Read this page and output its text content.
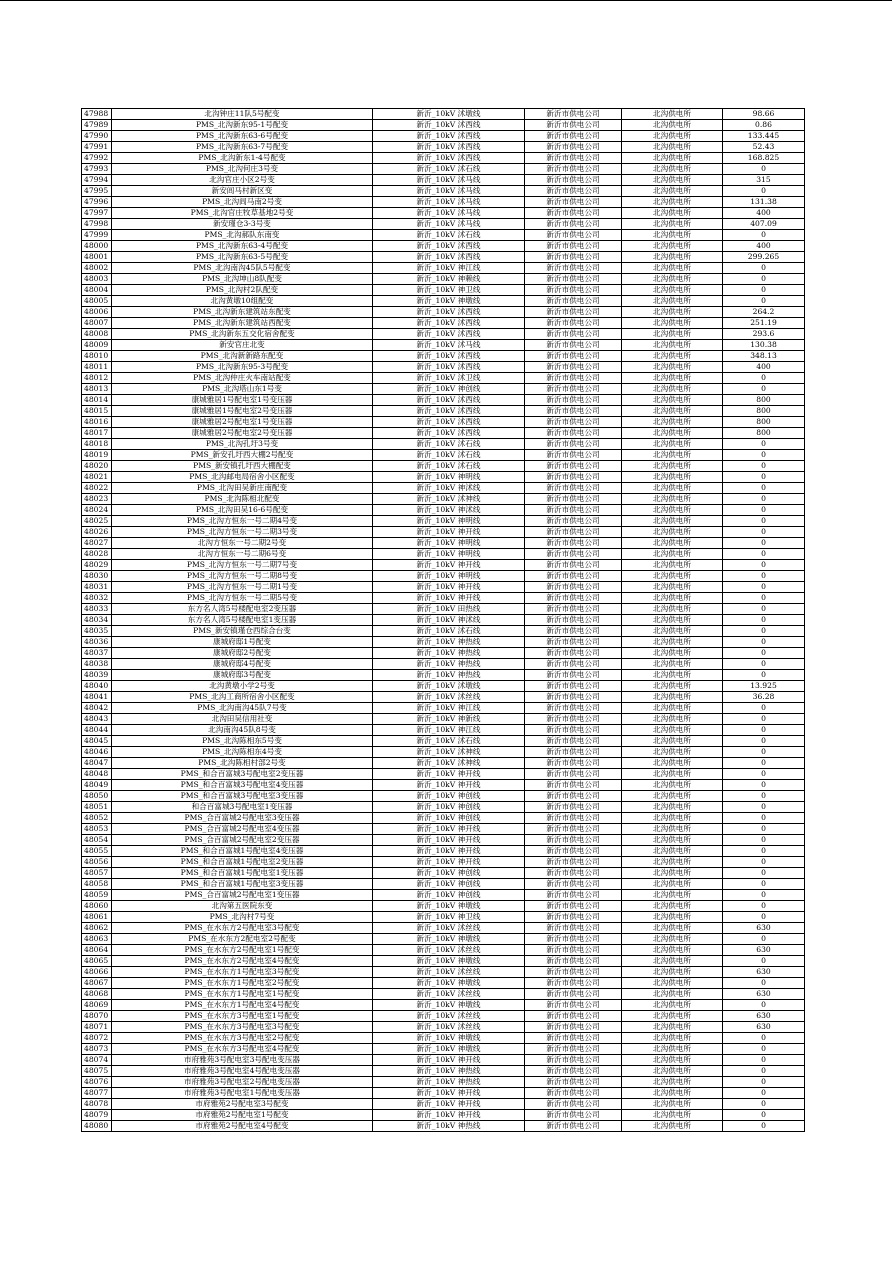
47988	北沟钟庄11队5号配变	新沂_10kV 沭墩线	新沂市供电公司	北沟供电所	98.66
47989	PMS_北沟新东95-1号配变	新沂_10kV 沭西线	新沂市供电公司	北沟供电所	0.86
47990	PMS_北沟新东63-6号配变	新沂_10kV 沭西线	新沂市供电公司	北沟供电所	133.445
47991	PMS_北沟新东63-7号配变	新沂_10kV 沭西线	新沂市供电公司	北沟供电所	52.43
47992	PMS_北沟新东1-4号配变	新沂_10kV 沭西线	新沂市供电公司	北沟供电所	168.825
47993	PMS_北沟何庄3号变	新沂_10kV 沭石线	新沂市供电公司	北沟供电所	0
47994	北沟官庄小区2号变	新沂_10kV 沭马线	新沂市供电公司	北沟供电所	315
47995	新安闾马村新区变	新沂_10kV 沭马线	新沂市供电公司	北沟供电所	0
47996	PMS_北沟闾马南2号变	新沂_10kV 沭马线	新沂市供电公司	北沟供电所	131.38
47997	PMS_北沟官庄牧草基地2号变	新沂_10kV 沭马线	新沂市供电公司	北沟供电所	400
47998	新安瑾仓3-3号变	新沂_10kV 沭马线	新沂市供电公司	北沟供电所	407.09
47999	PMS_北沟郝队东南变	新沂_10kV 沭石线	新沂市供电公司	北沟供电所	0
48000	PMS_北沟新东63-4号配变	新沂_10kV 沭西线	新沂市供电公司	北沟供电所	400
48001	PMS_北沟新东63-5号配变	新沂_10kV 沭西线	新沂市供电公司	北沟供电所	299.265
48002	PMS_北沟南沟45队5号配变	新沂_10kV 神江线	新沂市供电公司	北沟供电所	0
48003	PMS_北沟坤山8队配变	新沂_10kV 神赖线	新沂市供电公司	北沟供电所	0
48004	PMS_北沟村2队配变	新沂_10kV 神卫线	新沂市供电公司	北沟供电所	0
48005	北沟黄墩10组配变	新沂_10kV 神墩线	新沂市供电公司	北沟供电所	0
48006	PMS_北沟新东建筑站东配变	新沂_10kV 沭西线	新沂市供电公司	北沟供电所	264.2
48007	PMS_北沟新东建筑站西配变	新沂_10kV 沭西线	新沂市供电公司	北沟供电所	251.19
48008	PMS_北沟新东五交化宿舍配变	新沂_10kV 沭西线	新沂市供电公司	北沟供电所	293.6
48009	新安官庄北变	新沂_10kV 沭马线	新沂市供电公司	北沟供电所	130.38
48010	PMS_北沟新新路东配变	新沂_10kV 沭西线	新沂市供电公司	北沟供电所	348.13
48011	PMS_北沟新东95-3号配变	新沂_10kV 沭西线	新沂市供电公司	北沟供电所	400
48012	PMS_北沟仲庄火车南站配变	新沂_10kV 沭卫线	新沂市供电公司	北沟供电所	0
48013	PMS_北沟塔山东1号变	新沂_10kV 神创线	新沂市供电公司	北沟供电所	0
48014	康城雅居1号配电室1号变压器	新沂_10kV 沭西线	新沂市供电公司	北沟供电所	800
48015	康城雅居1号配电室2号变压器	新沂_10kV 沭西线	新沂市供电公司	北沟供电所	800
48016	康城雅居2号配电室1号变压器	新沂_10kV 沭西线	新沂市供电公司	北沟供电所	800
48017	康城雅居2号配电室2号变压器	新沂_10kV 沭西线	新沂市供电公司	北沟供电所	800
48018	PMS_北沟孔圩3号变	新沂_10kV 沭石线	新沂市供电公司	北沟供电所	0
48019	PMS_新安孔圩西大棚2号配变	新沂_10kV 沭石线	新沂市供电公司	北沟供电所	0
48020	PMS_新安镇孔圩西大棚配变	新沂_10kV 沭石线	新沂市供电公司	北沟供电所	0
48021	PMS_北沟邮电局宿舍小区配变	新沂_10kV 神明线	新沂市供电公司	北沟供电所	0
48022	PMS_北沟田吴新庄南配变	新沂_10kV 神沭线	新沂市供电公司	北沟供电所	0
48023	PMS_北沟陈相北配变	新沂_10kV 沭神线	新沂市供电公司	北沟供电所	0
48024	PMS_北沟田吴16-6号配变	新沂_10kV 神沭线	新沂市供电公司	北沟供电所	0
48025	PMS_北沟方恒东一号二期4号变	新沂_10kV 神明线	新沂市供电公司	北沟供电所	0
48026	PMS_北沟方恒东一号二期3号变	新沂_10kV 神开线	新沂市供电公司	北沟供电所	0
48027	北沟方恒东一号二期2号变	新沂_10kV 神明线	新沂市供电公司	北沟供电所	0
48028	北沟方恒东一号二期6号变	新沂_10kV 神明线	新沂市供电公司	北沟供电所	0
48029	PMS_北沟方恒东一号二期7号变	新沂_10kV 神开线	新沂市供电公司	北沟供电所	0
48030	PMS_北沟方恒东一号二期8号变	新沂_10kV 神明线	新沂市供电公司	北沟供电所	0
48031	PMS_北沟方恒东一号二期1号变	新沂_10kV 神开线	新沂市供电公司	北沟供电所	0
48032	PMS_北沟方恒东一号二期5号变	新沂_10kV 神开线	新沂市供电公司	北沟供电所	0
48033	东方名人湾5号楼配电室2变压器	新沂_10kV 田热线	新沂市供电公司	北沟供电所	0
48034	东方名人湾5号楼配电室1变压器	新沂_10kV 神沭线	新沂市供电公司	北沟供电所	0
48035	PMS_新安镇瑾仓西综合台变	新沂_10kV 沭石线	新沂市供电公司	北沟供电所	0
48036	康城府邸1号配变	新沂_10kV 神热线	新沂市供电公司	北沟供电所	0
48037	康城府邸2号配变	新沂_10kV 神热线	新沂市供电公司	北沟供电所	0
48038	康城府邸4号配变	新沂_10kV 神热线	新沂市供电公司	北沟供电所	0
48039	康城府邸3号配变	新沂_10kV 神热线	新沂市供电公司	北沟供电所	0
48040	北沟黄墩小学2号变	新沂_10kV 沭墩线	新沂市供电公司	北沟供电所	13.925
48041	PMS_北沟工商所宿舍小区配变	新沂_10kV 沭丝线	新沂市供电公司	北沟供电所	36.28
48042	PMS_北沟南沟45队7号变	新沂_10kV 神江线	新沂市供电公司	北沟供电所	0
48043	北沟田吴信用社变	新沂_10kV 神新线	新沂市供电公司	北沟供电所	0
48044	北沟南沟45队8号变	新沂_10kV 神江线	新沂市供电公司	北沟供电所	0
48045	PMS_北沟陈相东5号变	新沂_10kV 沭石线	新沂市供电公司	北沟供电所	0
48046	PMS_北沟陈相东4号变	新沂_10kV 沭神线	新沂市供电公司	北沟供电所	0
48047	PMS_北沟陈相村部2号变	新沂_10kV 沭神线	新沂市供电公司	北沟供电所	0
48048	PMS_和合百富城3号配电室2变压器	新沂_10kV 神开线	新沂市供电公司	北沟供电所	0
48049	PMS_和合百富城3号配电室4变压器	新沂_10kV 神开线	新沂市供电公司	北沟供电所	0
48050	PMS_和合百富城3号配电室3变压器	新沂_10kV 神创线	新沂市供电公司	北沟供电所	0
48051	和合百富城3号配电室1变压器	新沂_10kV 神创线	新沂市供电公司	北沟供电所	0
48052	PMS_合百富城2号配电室3变压器	新沂_10kV 神创线	新沂市供电公司	北沟供电所	0
48053	PMS_合百富城2号配电室4变压器	新沂_10kV 神开线	新沂市供电公司	北沟供电所	0
48054	PMS_合百富城2号配电室2变压器	新沂_10kV 神开线	新沂市供电公司	北沟供电所	0
48055	PMS_和合百富城1号配电室4变压器	新沂_10kV 神开线	新沂市供电公司	北沟供电所	0
48056	PMS_和合百富城1号配电室2变压器	新沂_10kV 神开线	新沂市供电公司	北沟供电所	0
48057	PMS_和合百富城1号配电室1变压器	新沂_10kV 神创线	新沂市供电公司	北沟供电所	0
48058	PMS_和合百富城1号配电室3变压器	新沂_10kV 神创线	新沂市供电公司	北沟供电所	0
48059	PMS_合百富城2号配电室1变压器	新沂_10kV 神创线	新沂市供电公司	北沟供电所	0
48060	北沟第五医院东变	新沂_10kV 神墩线	新沂市供电公司	北沟供电所	0
48061	PMS_北沟村7号变	新沂_10kV 神卫线	新沂市供电公司	北沟供电所	0
48062	PMS_在水东方2号配电室3号配变	新沂_10kV 沭丝线	新沂市供电公司	北沟供电所	630
48063	PMS_在水东方2配电室2号配变	新沂_10kV 神墩线	新沂市供电公司	北沟供电所	0
48064	PMS_在水东方2号配电室1号配变	新沂_10kV 沭丝线	新沂市供电公司	北沟供电所	630
48065	PMS_在水东方2号配电室4号配变	新沂_10kV 神墩线	新沂市供电公司	北沟供电所	0
48066	PMS_在水东方1号配电室3号配变	新沂_10kV 沭丝线	新沂市供电公司	北沟供电所	630
48067	PMS_在水东方1号配电室2号配变	新沂_10kV 神墩线	新沂市供电公司	北沟供电所	0
48068	PMS_在水东方1号配电室1号配变	新沂_10kV 沭丝线	新沂市供电公司	北沟供电所	630
48069	PMS_在水东方1号配电室4号配变	新沂_10kV 神墩线	新沂市供电公司	北沟供电所	0
48070	PMS_在水东方3号配电室1号配变	新沂_10kV 沭丝线	新沂市供电公司	北沟供电所	630
48071	PMS_在水东方3号配电室3号配变	新沂_10kV 沭丝线	新沂市供电公司	北沟供电所	630
48072	PMS_在水东方3号配电室2号配变	新沂_10kV 神墩线	新沂市供电公司	北沟供电所	0
48073	PMS_在水东方3号配电室4号配变	新沂_10kV 神墩线	新沂市供电公司	北沟供电所	0
48074	市府雅苑3号配电室3号配电变压器	新沂_10kV 神开线	新沂市供电公司	北沟供电所	0
48075	市府雅苑3号配电室4号配电变压器	新沂_10kV 神热线	新沂市供电公司	北沟供电所	0
48076	市府雅苑3号配电室2号配电变压器	新沂_10kV 神热线	新沂市供电公司	北沟供电所	0
48077	市府雅苑3号配电室1号配电变压器	新沂_10kV 神开线	新沂市供电公司	北沟供电所	0
48078	市府雅苑2号配电室3号配变	新沂_10kV 神开线	新沂市供电公司	北沟供电所	0
48079	市府雅苑2号配电室1号配变	新沂_10kV 神开线	新沂市供电公司	北沟供电所	0
48080	市府雅苑2号配电室4号配变	新沂_10kV 神热线	新沂市供电公司	北沟供电所	0
